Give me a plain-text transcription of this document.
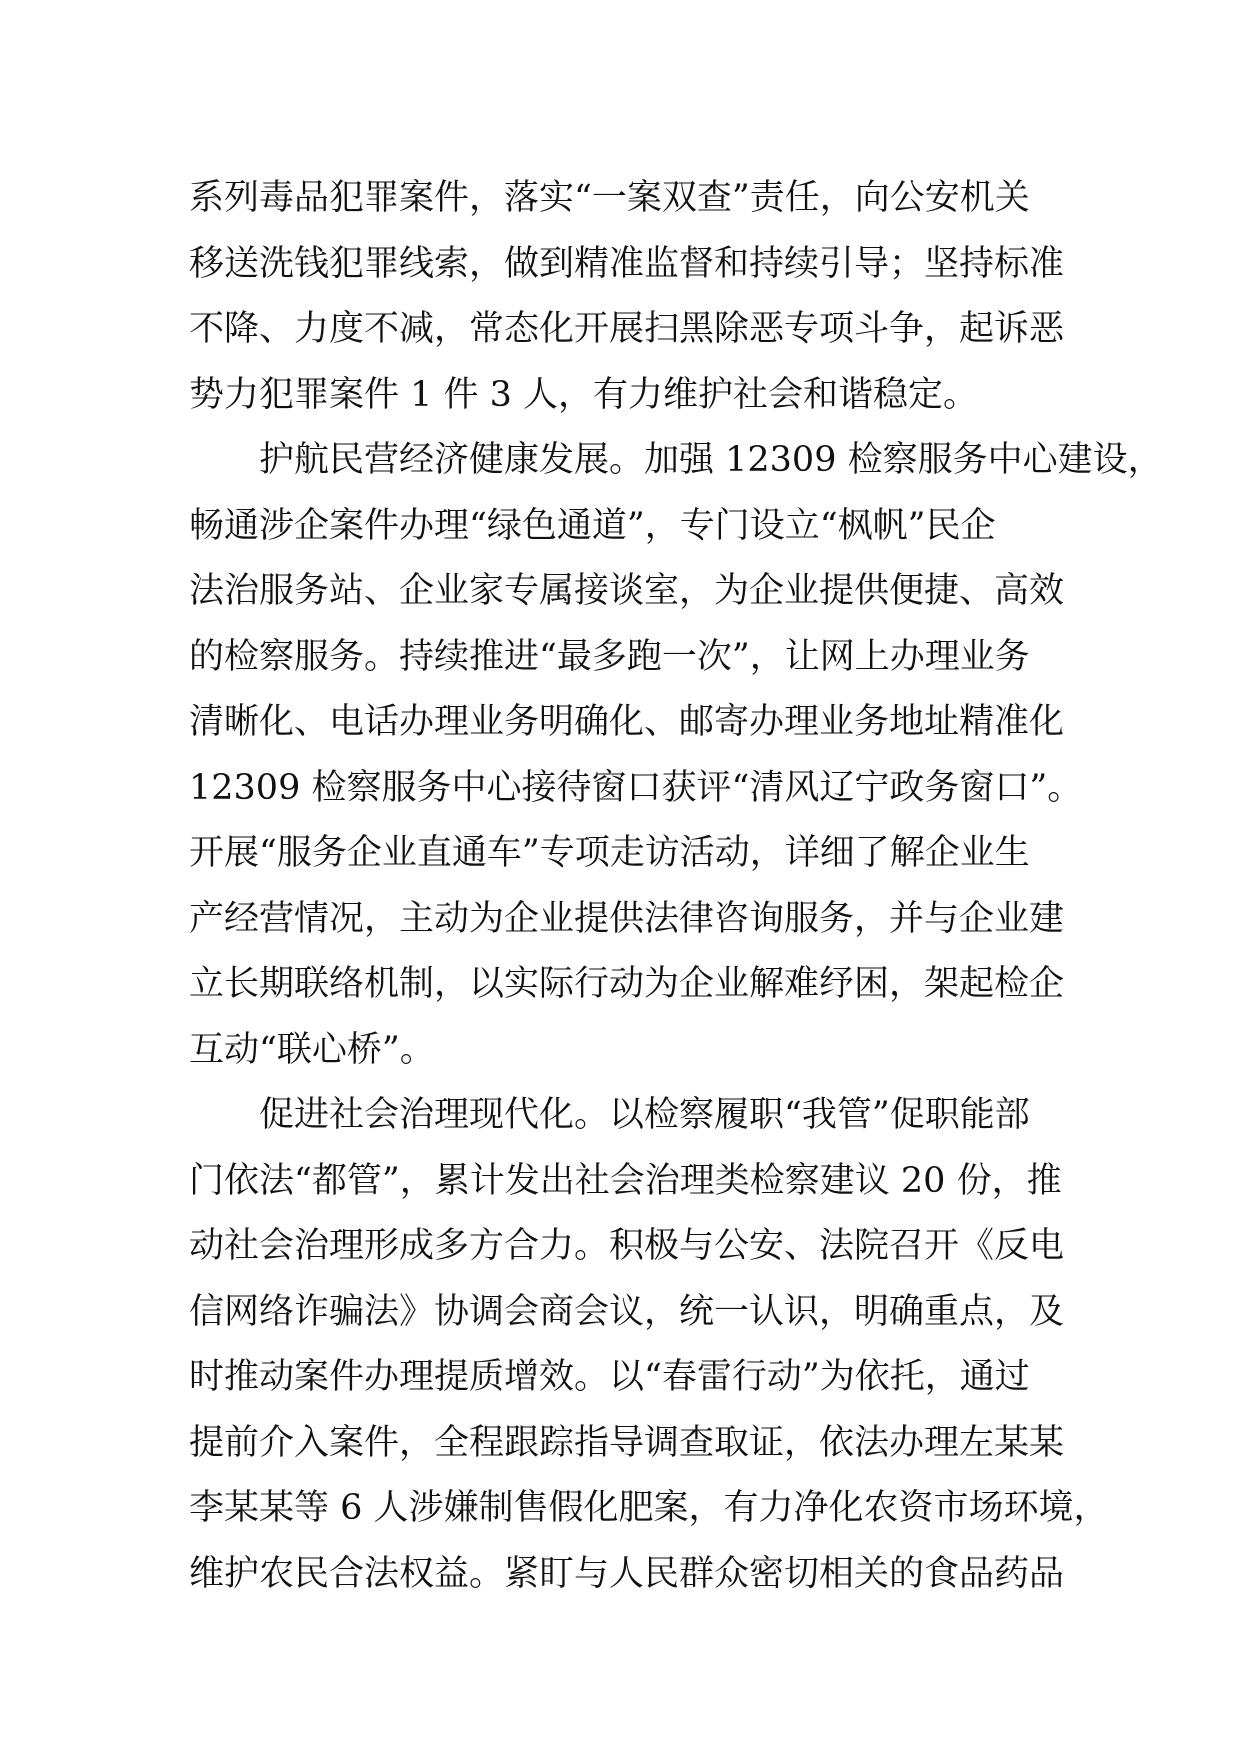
系列毒品犯罪案件，落实“一案双查”责任，向公安机关
移送洗钱犯罪线索，做到精准监督和持续引导；坚持标准
不降、力度不减，常态化开展扫黑除恶专项斗争，起诉恶
势力犯罪案件 1 件 3 人，有力维护社会和谐稳定。
　　护航民营经济健康发展。加强 12309 检察服务中心建设，
畅通涉企案件办理“绿色通道”，专门设立“枫帆”民企
法治服务站、企业家专属接谈室，为企业提供便捷、高效
的检察服务。持续推进“最多跑一次”，让网上办理业务
清晰化、电话办理业务明确化、邮寄办理业务地址精准化
12309 检察服务中心接待窗口获评“清风辽宁政务窗口”。
开展“服务企业直通车”专项走访活动，详细了解企业生
产经营情况，主动为企业提供法律咨询服务，并与企业建
立长期联络机制，以实际行动为企业解难纾困，架起检企
互动“联心桥”。
　　促进社会治理现代化。以检察履职“我管”促职能部
门依法“都管”，累计发出社会治理类检察建议 20 份，推
动社会治理形成多方合力。积极与公安、法院召开《反电
信网络诈骗法》协调会商会议，统一认识，明确重点，及
时推动案件办理提质增效。以“春雷行动”为依托，通过
提前介入案件，全程跟踪指导调查取证，依法办理左某某
李某某等 6 人涉嫌制售假化肥案，有力净化农资市场环境，
维护农民合法权益。紧盯与人民群众密切相关的食品药品
